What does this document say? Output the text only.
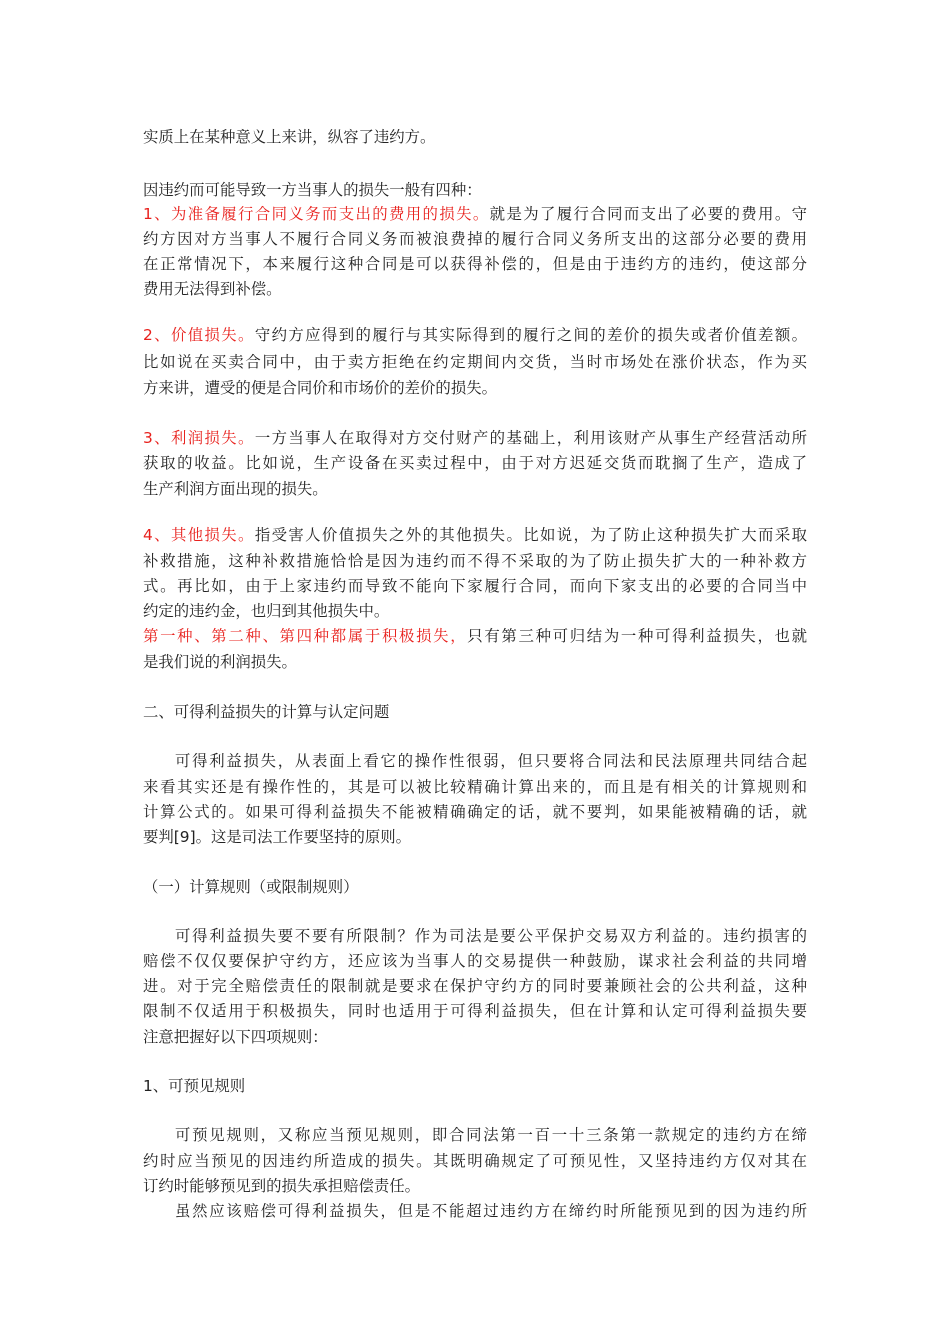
实质上在某种意义上来讲，纵容了违约方。
因违约而可能导致一方当事人的损失一般有四种：
1、为准备履行合同义务而支出的费用的损失。就是为了履行合同而支出了必要的费用。守
约方因对方当事人不履行合同义务而被浪费掉的履行合同义务所支出的这部分必要的费用
在正常情况下，本来履行这种合同是可以获得补偿的，但是由于违约方的违约，使这部分
费用无法得到补偿。
2、价值损失。守约方应得到的履行与其实际得到的履行之间的差价的损失或者价值差额。
比如说在买卖合同中，由于卖方拒绝在约定期间内交货，当时市场处在涨价状态，作为买
方来讲，遭受的便是合同价和市场价的差价的损失。
3、利润损失。一方当事人在取得对方交付财产的基础上，利用该财产从事生产经营活动所
获取的收益。比如说，生产设备在买卖过程中，由于对方迟延交货而耽搁了生产，造成了
生产利润方面出现的损失。
4、其他损失。指受害人价值损失之外的其他损失。比如说，为了防止这种损失扩大而采取
补救措施，这种补救措施恰恰是因为违约而不得不采取的为了防止损失扩大的一种补救方
式。再比如，由于上家违约而导致不能向下家履行合同，而向下家支出的必要的合同当中
约定的违约金，也归到其他损失中。
第一种、第二种、第四种都属于积极损失，只有第三种可归结为一种可得利益损失，也就
是我们说的利润损失。
二、可得利益损失的计算与认定问题
可得利益损失，从表面上看它的操作性很弱，但只要将合同法和民法原理共同结合起
来看其实还是有操作性的，其是可以被比较精确计算出来的，而且是有相关的计算规则和
计算公式的。如果可得利益损失不能被精确确定的话，就不要判，如果能被精确的话，就
要判[9]。这是司法工作要坚持的原则。
（一）计算规则（或限制规则）
可得利益损失要不要有所限制？作为司法是要公平保护交易双方利益的。违约损害的
赔偿不仅仅要保护守约方，还应该为当事人的交易提供一种鼓励，谋求社会利益的共同增
进。对于完全赔偿责任的限制就是要求在保护守约方的同时要兼顾社会的公共利益，这种
限制不仅适用于积极损失，同时也适用于可得利益损失，但在计算和认定可得利益损失要
注意把握好以下四项规则：
1、可预见规则
可预见规则，又称应当预见规则，即合同法第一百一十三条第一款规定的违约方在缔
约时应当预见的因违约所造成的损失。其既明确规定了可预见性，又坚持违约方仅对其在
订约时能够预见到的损失承担赔偿责任。
虽然应该赔偿可得利益损失，但是不能超过违约方在缔约时所能预见到的因为违约所
